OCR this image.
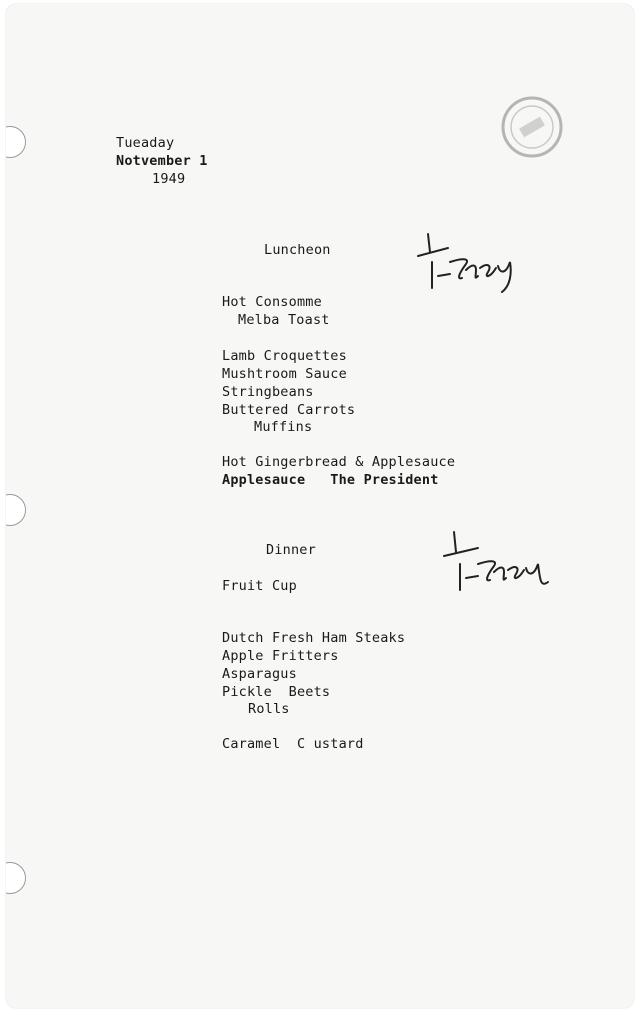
Tueaday
Notvember 1
1949
Luncheon
Hot Consomme
Melba Toast
Lamb Croquettes
Mushtroom Sauce
Stringbeans
Buttered Carrots
Muffins
Hot Gingerbread & Applesauce
Applesauce   The President
Dinner
Fruit Cup
Dutch Fresh Ham Steaks
Apple Fritters
Asparagus
Pickle  Beets
Rolls
Caramel  C ustard
